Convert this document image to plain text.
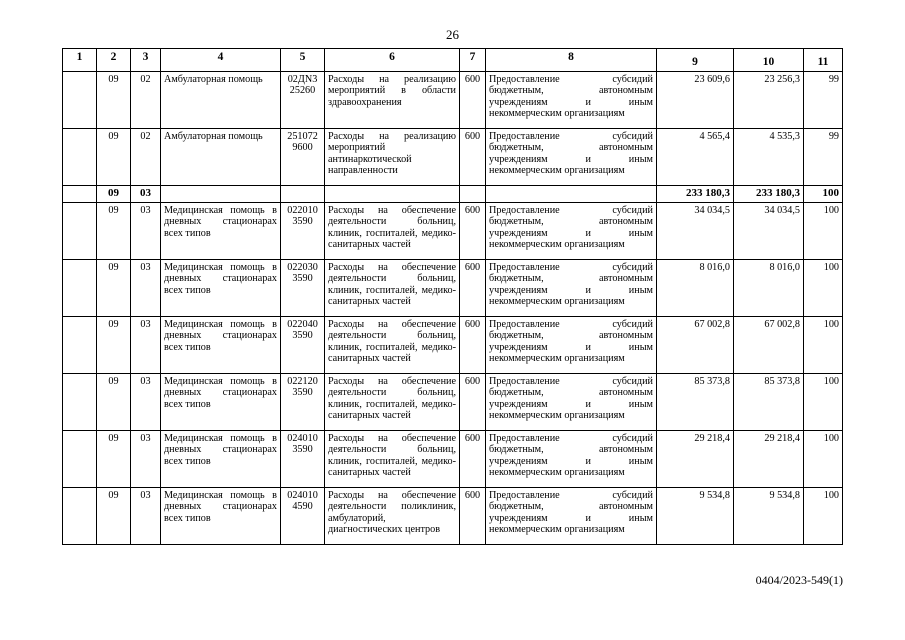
26
1	2	3	4	5	6	7	8	9	10	11
	09	02	Амбулаторная помощь	02ДN3 25260	Расходы на реализацию мероприятий в области здравоохранения	600	Предоставление субсидий бюджетным, автономным учреждениям и иным некоммерческим организациям	23 609,6	23 256,3	99
	09	02	Амбулаторная помощь	251072 9600	Расходы на реализацию мероприятий антинаркотической направленности	600	Предоставление субсидий бюджетным, автономным учреждениям и иным некоммерческим организациям	4 565,4	4 535,3	99
	09	03						233 180,3	233 180,3	100
	09	03	Медицинская помощь в дневных стационарах всех типов	022010 3590	Расходы на обеспечение деятельности больниц, клиник, госпиталей, медико-санитарных частей	600	Предоставление субсидий бюджетным, автономным учреждениям и иным некоммерческим организациям	34 034,5	34 034,5	100
	09	03	Медицинская помощь в дневных стационарах всех типов	022030 3590	Расходы на обеспечение деятельности больниц, клиник, госпиталей, медико-санитарных частей	600	Предоставление субсидий бюджетным, автономным учреждениям и иным некоммерческим организациям	8 016,0	8 016,0	100
	09	03	Медицинская помощь в дневных стационарах всех типов	022040 3590	Расходы на обеспечение деятельности больниц, клиник, госпиталей, медико-санитарных частей	600	Предоставление субсидий бюджетным, автономным учреждениям и иным некоммерческим организациям	67 002,8	67 002,8	100
	09	03	Медицинская помощь в дневных стационарах всех типов	022120 3590	Расходы на обеспечение деятельности больниц, клиник, госпиталей, медико-санитарных частей	600	Предоставление субсидий бюджетным, автономным учреждениям и иным некоммерческим организациям	85 373,8	85 373,8	100
	09	03	Медицинская помощь в дневных стационарах всех типов	024010 3590	Расходы на обеспечение деятельности больниц, клиник, госпиталей, медико-санитарных частей	600	Предоставление субсидий бюджетным, автономным учреждениям и иным некоммерческим организациям	29 218,4	29 218,4	100
	09	03	Медицинская помощь в дневных стационарах всех типов	024010 4590	Расходы на обеспечение деятельности поликлиник, амбулаторий, диагностических центров	600	Предоставление субсидий бюджетным, автономным учреждениям и иным некоммерческим организациям	9 534,8	9 534,8	100
0404/2023-549(1)
